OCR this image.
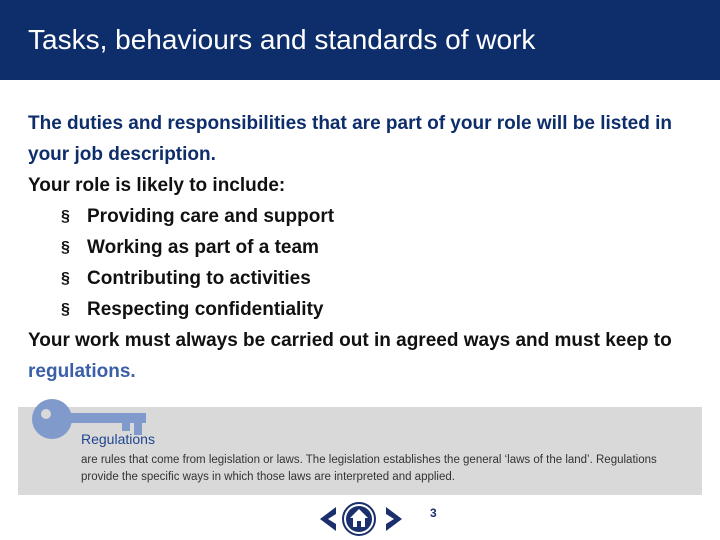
Tasks, behaviours and standards of work

The duties and responsibilities that are part of your role will be listed in your job description.

Your role is likely to include:

§ Providing care and support
§ Working as part of a team
§ Contributing to activities
§ Respecting confidentiality

Your work must always be carried out in agreed ways and must keep to regulations.

Regulations
are rules that come from legislation or laws. The legislation establishes the general ‘laws of the land’. Regulations provide the specific ways in which those laws are interpreted and applied.
3
